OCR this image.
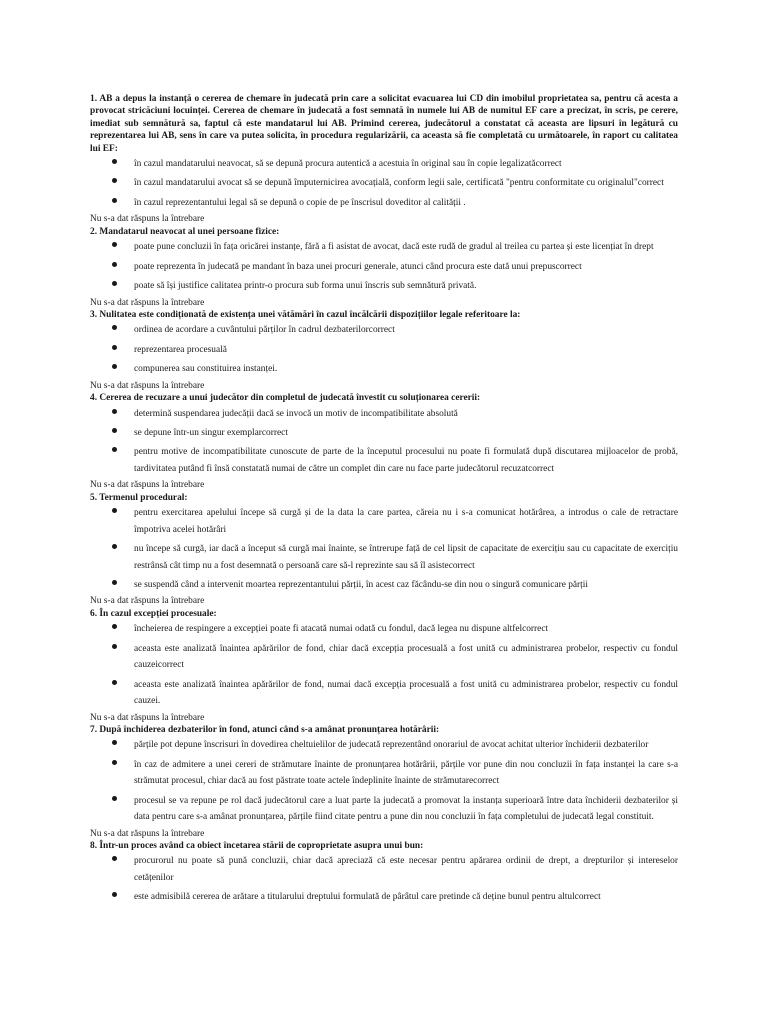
1. AB a depus la instanță o cererea de chemare în judecată prin care a solicitat evacuarea lui CD din imobilul proprietatea sa, pentru că acesta a provocat stricăciuni locuinței. Cererea de chemare în judecată a fost semnată în numele lui AB de numitul EF care a precizat, în scris, pe cerere, imediat sub semnătură sa, faptul că este mandatarul lui AB. Primind cererea, judecătorul a constatat că aceasta are lipsuri în legătură cu reprezentarea lui AB, sens în care va putea solicita, în procedura regularizării, ca aceasta să fie completată cu următoarele, în raport cu calitatea lui EF:

în cazul mandatarului neavocat, să se depună procura autentică a acestuia în original sau în copie legalizatăcorrect
în cazul mandatarului avocat să se depună împuternicirea avocațială, conform legii sale, certificată "pentru conformitate cu originalul"correct
în cazul reprezentantului legal să se depună o copie de pe înscrisul doveditor al calității .

Nu s-a dat răspuns la întrebare

2. Mandatarul neavocat al unei persoane fizice:

poate pune concluzii în fața oricărei instanțe, fără a fi asistat de avocat, dacă este rudă de gradul al treilea cu partea și este licențiat în drept
poate reprezenta în judecată pe mandant în baza unei procuri generale, atunci când procura este dată unui prepuscorrect
poate să își justifice calitatea printr-o procura sub forma unui înscris sub semnătură privată.

Nu s-a dat răspuns la întrebare

3. Nulitatea este condiționată de existența unei vătămări în cazul încălcării dispozițiilor legale referitoare la:

ordinea de acordare a cuvântului părților în cadrul dezbaterilorcorrect
reprezentarea procesuală
compunerea sau constituirea instanței.

Nu s-a dat răspuns la întrebare

4. Cererea de recuzare a unui judecător din completul de judecată învestit cu soluționarea cererii:

determină suspendarea judecății dacă se invocă un motiv de incompatibilitate absolută
se depune într-un singur exemplarcorrect
pentru motive de incompatibilitate cunoscute de parte de la începutul procesului nu poate fi formulată după discutarea mijloacelor de probă, tardivitatea putând fi însă constatată numai de către un complet din care nu face parte judecătorul recuzatcorrect

Nu s-a dat răspuns la întrebare

5. Termenul procedural:

pentru exercitarea apelului începe să curgă și de la data la care partea, căreia nu i s-a comunicat hotărârea, a introdus o cale de retractare împotriva acelei hotărâri
nu începe să curgă, iar dacă a început să curgă mai înainte, se întrerupe față de cel lipsit de capacitate de exercițiu sau cu capacitate de exercițiu restrânsă cât timp nu a fost desemnată o persoană care să-l reprezinte sau să îl asistecorrect
se suspendă când a intervenit moartea reprezentantului părții, în acest caz făcându-se din nou o singură comunicare părții

Nu s-a dat răspuns la întrebare

6. În cazul excepției procesuale:

încheierea de respingere a excepției poate fi atacată numai odată cu fondul, dacă legea nu dispune altfelcorrect
aceasta este analizată înaintea apărărilor de fond, chiar dacă excepția procesuală a fost unită cu administrarea probelor, respectiv cu fondul cauzeicorrect
aceasta este analizată înaintea apărărilor de fond, numai dacă excepția procesuală a fost unită cu administrarea probelor, respectiv cu fondul cauzei.

Nu s-a dat răspuns la întrebare

7. După închiderea dezbaterilor în fond, atunci când s-a amânat pronunțarea hotărârii:

părțile pot depune înscrisuri în dovedirea cheltuielilor de judecată reprezentând onorariul de avocat achitat ulterior închiderii dezbaterilor
în caz de admitere a unei cereri de strămutare înainte de pronunțarea hotărârii, părțile vor pune din nou concluzii în fața instanței la care s-a strămutat procesul, chiar dacă au fost păstrate toate actele îndeplinite înainte de strămutarecorrect
procesul se va repune pe rol dacă judecătorul care a luat parte la judecată a promovat la instanța superioară între data închiderii dezbaterilor și data pentru care s-a amânat pronunțarea, părțile fiind citate pentru a pune din nou concluzii în fața completului de judecată legal constituit.

Nu s-a dat răspuns la întrebare

8. Într-un proces având ca obiect încetarea stării de coproprietate asupra unui bun:

procurorul nu poate să pună concluzii, chiar dacă apreciază că este necesar pentru apărarea ordinii de drept, a drepturilor și intereselor cetățenilor
este admisibilă cererea de arătare a titularului dreptului formulată de pârâtul care pretinde că deține bunul pentru altulcorrect
